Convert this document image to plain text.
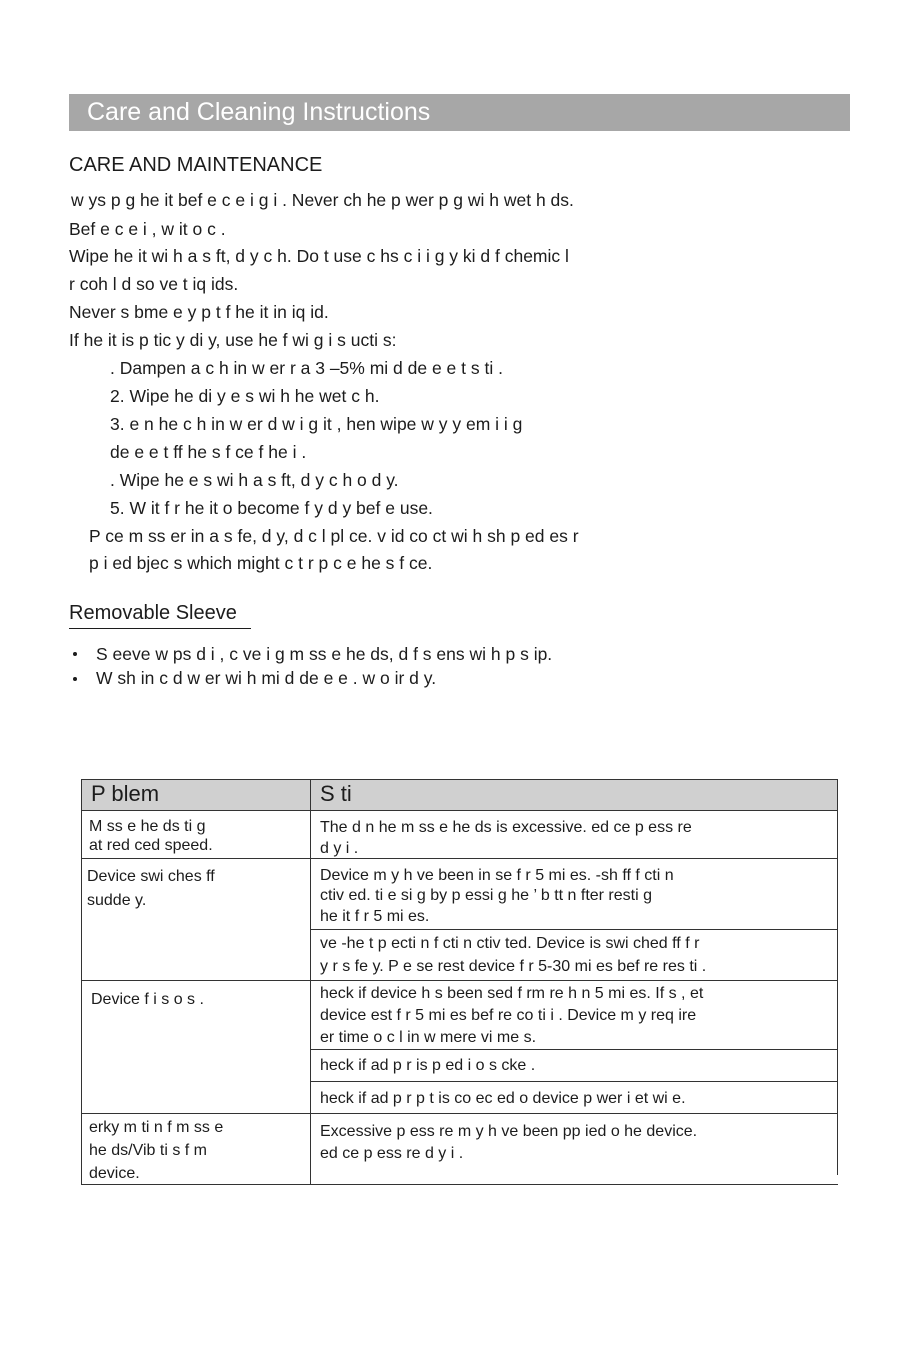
Care and Cleaning Instructions
CARE AND MAINTENANCE
w ys p g he it bef e c e i g i . Never ch he p wer p g wi h wet h ds.
Bef e c e i , w it o c .
Wipe he it wi h a s ft, d y c h. Do t use c hs c i i g y ki d f chemic l
r coh l d so ve t iq ids.
Never s bme e y p t f he it in iq id.
If he it is p tic y di y, use he f wi g i s ucti s:
. Dampen a c h in w er r a 3 –5% mi d de e e t s ti .
2. Wipe he di y e s wi h he wet c h.
3. e n he c h in w er d w i g it , hen wipe w y y em i i g
de e e t ff he s f ce f he i .
. Wipe he e s wi h a s ft, d y c h o d y.
5. W it f r he it o become f y d y bef e use.
P ce m ss er in a s fe, d y, d c l pl ce. v id co ct wi h sh p ed es r
p i ed bjec s which might c t r p c e he s f ce.
Removable Sleeve
S eeve w ps d i , c ve i g m ss e he ds, d f s ens wi h p s ip.
W sh in c d w er wi h mi d de e e . w o ir d y.
P blem	S ti
M ss e he ds ti g
at red ced speed.
The d n he m ss e he ds is excessive. ed ce p ess re
d y i .
Device swi ches ff
sudde y.
Device m y h ve been in se f r 5 mi es. -sh ff f cti n
ctiv ed. ti e si g by p essi g he ’ b tt n fter resti g
he it f r 5 mi es.
ve -he t p ecti n f cti n ctiv ted. Device is swi ched ff f r
y r s fe y. P e se rest device f r 5-30 mi es bef re res ti .
Device f i s o s .	heck if device h s been sed f rm re h n 5 mi es. If s , et
device est f r 5 mi es bef re co ti i . Device m y req ire
er time o c l in w mere vi me s.
heck if ad p r is p ed i o s cke .
heck if ad p r p t is co ec ed o device p wer i et wi e.
erky m ti n f m ss e
he ds/Vib ti s f m
device.
Excessive p ess re m y h ve been pp ied o he device.
ed ce p ess re d y i .
